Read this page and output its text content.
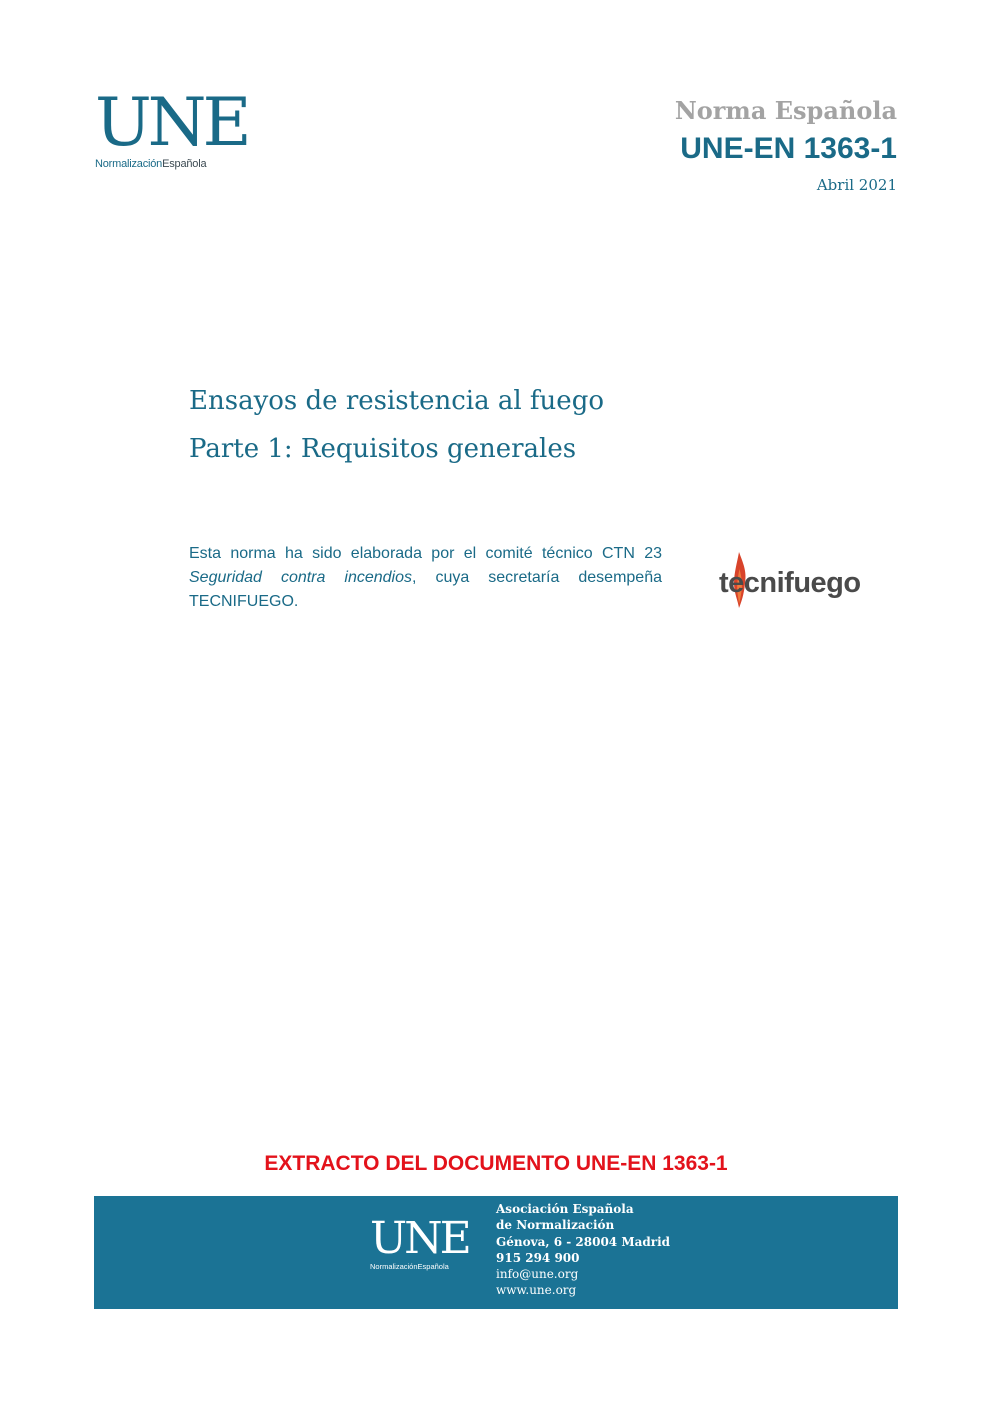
UNE
NormalizaciónEspañola
Norma Española
UNE-EN 1363-1
Abril 2021
Ensayos de resistencia al fuego
Parte 1: Requisitos generales
Esta norma ha sido elaborada por el comité técnico CTN 23 Seguridad contra incendios, cuya secretaría desempeña TECNIFUEGO.
tecnifuego
EXTRACTO DEL DOCUMENTO UNE-EN 1363-1
UNE
NormalizaciónEspañola
Asociación Española
de Normalización
Génova, 6 - 28004 Madrid
915 294 900
info@une.org
www.une.org
